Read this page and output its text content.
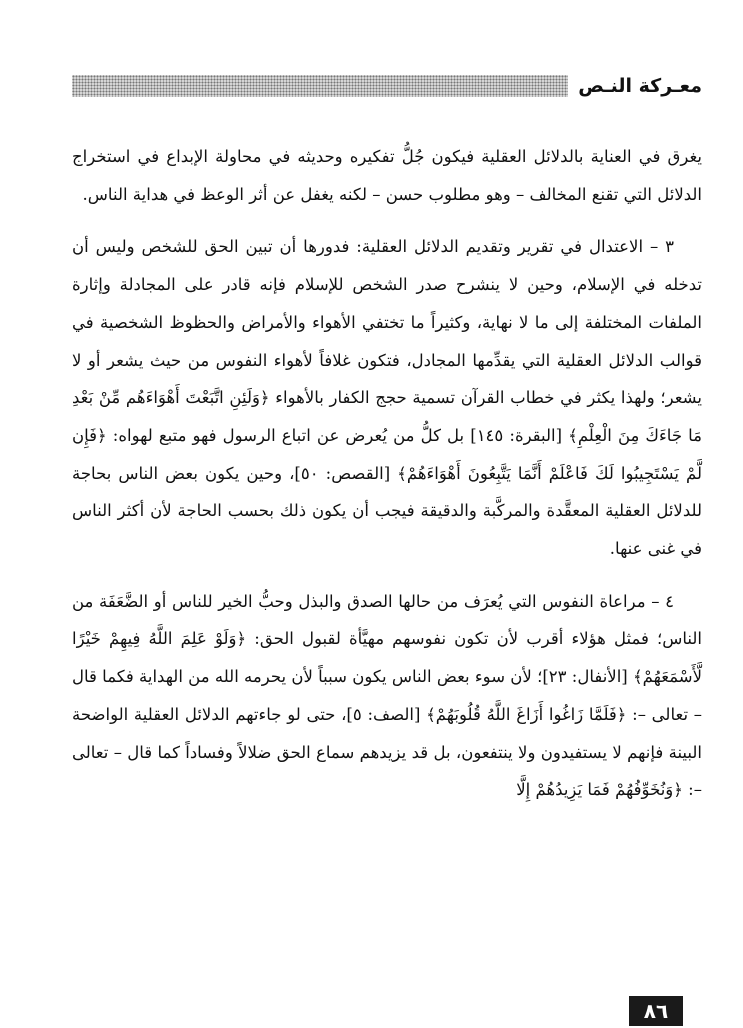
معـركة النـص

يغرق في العناية بالدلائل العقلية فيكون جُلُّ تفكيره وحديثه في محاولة الإبداع في استخراج الدلائل التي تقنع المخالف – وهو مطلوب حسن – لكنه يغفل عن أثر الوعظ في هداية الناس.

٣ – الاعتدال في تقرير وتقديم الدلائل العقلية: فدورها أن تبين الحق للشخص وليس أن تدخله في الإسلام، وحين لا ينشرح صدر الشخص للإسلام فإنه قادر على المجادلة وإثارة الملفات المختلفة إلى ما لا نهاية، وكثيراً ما تختفي الأهواء والأمراض والحظوظ الشخصية في قوالب الدلائل العقلية التي يقدِّمها المجادل، فتكون غلافاً لأهواء النفوس من حيث يشعر أو لا يشعر؛ ولهذا يكثر في خطاب القرآن تسمية حجج الكفار بالأهواء ﴿وَلَئِنِ اتَّبَعْتَ أَهْوَاءَهُم مِّنْ بَعْدِ مَا جَاءَكَ مِنَ الْعِلْمِ﴾ [البقرة: ١٤٥] بل كلُّ من يُعرض عن اتباع الرسول فهو متبع لهواه: ﴿فَإِن لَّمْ يَسْتَجِيبُوا لَكَ فَاعْلَمْ أَنَّمَا يَتَّبِعُونَ أَهْوَاءَهُمْ﴾ [القصص: ٥٠]، وحين يكون بعض الناس بحاجة للدلائل العقلية المعقَّدة والمركَّبة والدقيقة فيجب أن يكون ذلك بحسب الحاجة لأن أكثر الناس في غنى عنها.

٤ – مراعاة النفوس التي يُعرَف من حالها الصدق والبذل وحبُّ الخير للناس أو الضَّعَفَة من الناس؛ فمثل هؤلاء أقرب لأن تكون نفوسهم مهيَّأة لقبول الحق: ﴿وَلَوْ عَلِمَ اللَّهُ فِيهِمْ خَيْرًا لَّأَسْمَعَهُمْ﴾ [الأنفال: ٢٣]؛ لأن سوء بعض الناس يكون سبباً لأن يحرمه الله من الهداية فكما قال – تعالى –: ﴿فَلَمَّا زَاغُوا أَزَاغَ اللَّهُ قُلُوبَهُمْ﴾ [الصف: ٥]، حتى لو جاءتهم الدلائل العقلية الواضحة البينة فإنهم لا يستفيدون ولا ينتفعون، بل قد يزيدهم سماع الحق ضلالاً وفساداً كما قال – تعالى –: ﴿وَنُخَوِّفُهُمْ فَمَا يَزِيدُهُمْ إِلَّا

٨٦
